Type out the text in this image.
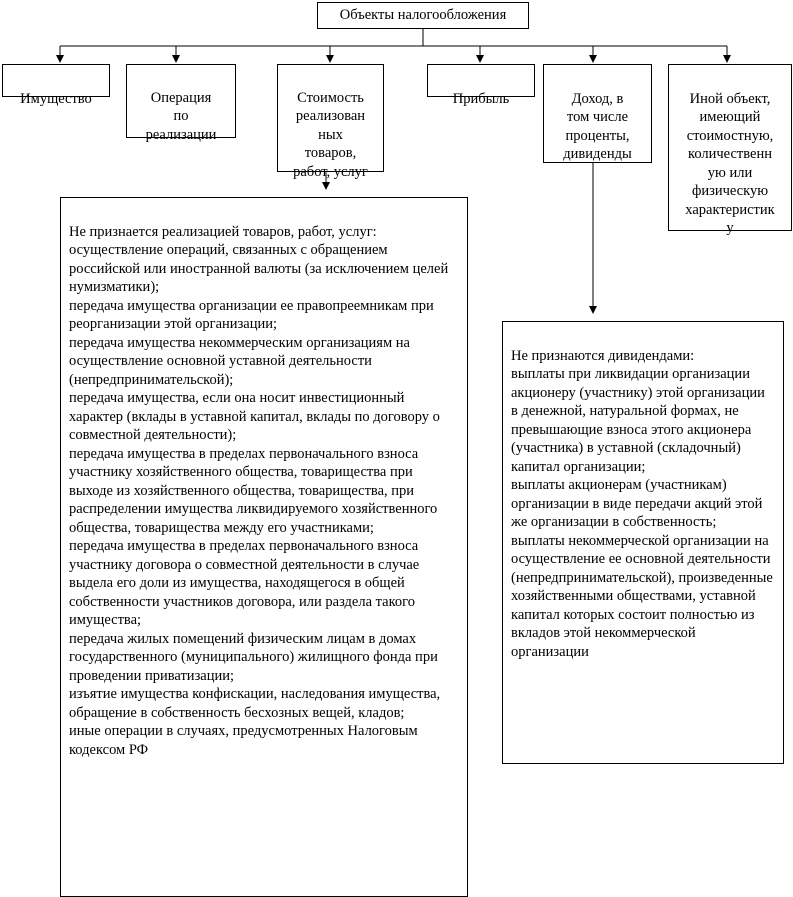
Объекты налогообложения

Имущество	Операция
по
реализации

Стоимость
реализован
ных
товаров,
работ, услуг

Прибыль	Доход, в
том числе
проценты,
дивиденды

Иной объект,
имеющий
стоимостную,
количественн
ую или
физическую
характеристик
у

Не признается реализацией товаров, работ, услуг:
осуществление операций, связанных с обращением российской или иностранной валюты (за исключением целей нумизматики);
передача имущества организации ее правопреемникам при реорганизации этой организации;
передача имущества некоммерческим организациям на осуществление основной уставной деятельности (непредпринимательской);
передача имущества, если она носит инвестиционный характер (вклады в уставной капитал, вклады по договору о совместной деятельности);
передача имущества в пределах первоначального взноса участнику хозяйственного общества, товарищества при выходе из хозяйственного общества, товарищества, при распределении имущества ликвидируемого хозяйственного общества, товарищества между его участниками;
передача имущества в пределах первоначального взноса участнику договора о совместной деятельности в случае выдела его доли из имущества, находящегося в общей собственности участников договора, или раздела такого имущества;
передача жилых помещений физическим лицам в домах государственного (муниципального) жилищного фонда при проведении приватизации;
изъятие имущества конфискации, наследования имущества, обращение в собственность бесхозных вещей, кладов;
иные операции в случаях, предусмотренных Налоговым кодексом РФ

Не признаются дивидендами:
выплаты при ликвидации организации акционеру (участнику) этой организации в денежной, натуральной формах, не превышающие взноса этого акционера (участника) в уставной (складочный) капитал организации;
выплаты акционерам (участникам) организации в виде передачи акций этой же организации в собственность;
выплаты некоммерческой организации на осуществление ее основной деятельности (непредпринимательской), произведенные хозяйственными обществами, уставной капитал которых состоит полностью из вкладов этой некоммерческой организации
